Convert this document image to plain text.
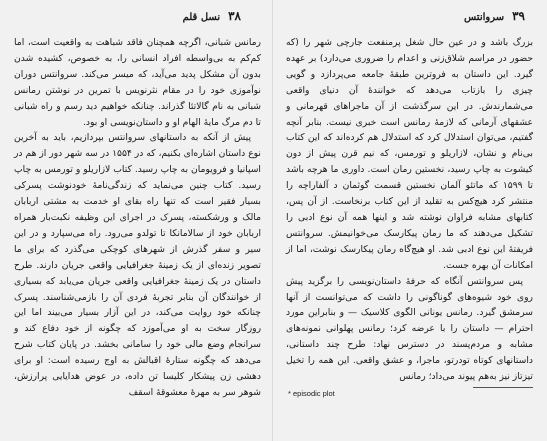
نسل قلم ۳۸

رمانس شبانی، اگرچه همچنان فاقد شباهت به واقعیت است، اما کم‌کم به بی‌واسطه افراد انسانی را، به خصوص، کشیده شدن بدون آن مشکل پدید می‌آید، که میسر می‌کند. سروانتس دوران نوآموزی خود را در مقام نثرنویس با تمرین در نوشتن رمانس شبانی به نام گالاتئا گذراند. چنانکه خواهیم دید رسم و راه شبانی تا دم مرگ مایهٔ الهام او و داستان‌نویسی او بود.

پیش از آنکه به داستانهای سروانتس بپردازیم، باید به آخرین نوع داستان اشاره‌ای بکنیم، که در ۱۵۵۴ در سه شهر دور از هم در اسپانیا و فرویومان به چاپ رسید. کتاب لازاریلو و تورمس به چاپ رسید. کتاب چنین می‌نماید که زندگی‌نامهٔ خودنوشت پسرکی بسیار فقیر است که تنها راه بقای او خدمت به مشتی اربابان مالک و ورشکسته، پسرک در اجرای این وظیفه نکبت‌بار همراه اربابان خود از سالامانکا تا تولدو می‌رود. راه می‌سپارد و در این سیر و سفر گذرش از شهرهای کوچکی می‌گذرد که برای ما تصویر زنده‌ای از یک زمینهٔ جغرافیایی واقعی جریان دارند. طرح داستان در یک زمینهٔ جغرافیایی واقعی جریان می‌یابد که بسیاری از خوانندگان آن بنابر تجربهٔ فردی آن را بازمی‌شناسند. پسرک چنانکه خود روایت می‌کند، در این آزار بسیار می‌بیند اما این روزگار سخت به او می‌آموزد که چگونه از خود دفاع کند و سرانجام وضع مالی خود را سامانی بخشد. در پایان کتاب شرح می‌دهد که چگونه ستارهٔ اقبالش به اوج رسیده است: او برای دهشی زن پیشکار کلیسا تن داده، در عوض هدایایی پرارزش، شوهر سر به مهرهٔ معشوقهٔ اسقف

سروانتس ۳۹

بزرگ باشد و در عین حال شغل پرمنفعت جارچی شهر را (که حضور در مراسم شلاق‌زنی و اعدام را ضروری می‌دارد) بر عهده گیرد. این داستان به فروترین طبقهٔ جامعه می‌پردازد و گویی چیزی را بازتاب می‌دهد که خوانندهٔ آن دنیای واقعی می‌شمارندش. در این سرگذشت از آن ماجراهای قهرمانی و عشقهای آرمانی که لازمهٔ رمانس است خبری نیست. بنابر آنچه گفتیم، می‌توان استدلال کرد که استدلال هم کرده‌اند که این کتاب بی‌نام و نشان، لازاریلو و تورمس، که نیم قرن پیش از دون کیشوت به چاپ رسید، نخستین رمان است. داوری ما هرچه باشد تا ۱۵۹۹ که ماتئو آلمان نخستین قسمت گوثمان د آلفاراچه را منتشر کرد هیچ‌کس به تقلید از این کتاب برنخاست. از آن پس، کتابهای مشابه فراوان نوشته شد و اینها همه آن نوع ادبی را تشکیل می‌دهند که ما رمان پیکارسک می‌خوانیمش. سروانتس فریفتهٔ این نوع ادبی شد. او هیچ‌گاه رمان پیکارسک نوشت، اما از امکانات آن بهره جست.

پس سروانتس آنگاه که حرفهٔ داستان‌نویسی را برگزید پیش روی خود شیوه‌های گوناگونی را داشت که می‌توانست از آنها سرمشق گیرد. رمانس یونانی الگوی کلاسیک — و بنابراین مورد احترام — داستان را با عرضه کرد؛ رمانس پهلوانی نمونه‌های مشابه و مردم‌پسند در دسترس نهاد: طرح چند داستانی، داستانهای کوتاه تودرتو، ماجرا، و عشق واقعی. این همه را تخیل تیزتاز نیز به‌هم پیوند می‌داد؛ رمانس

* episodic plot
